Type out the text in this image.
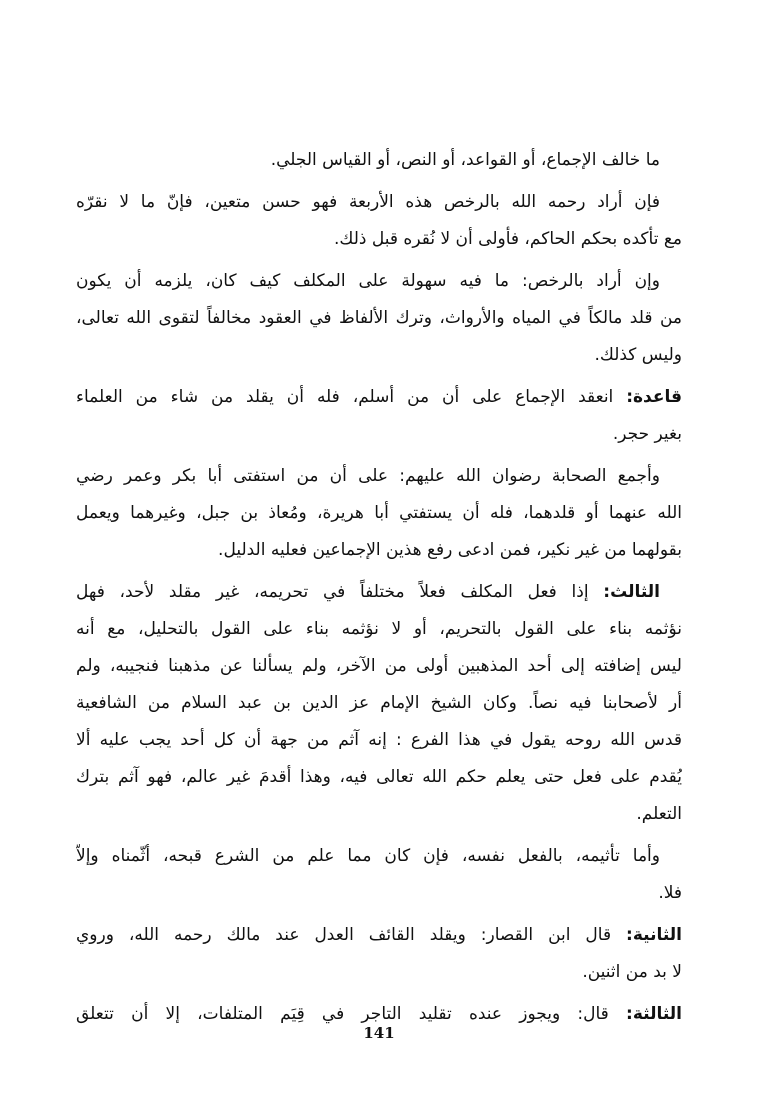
ما خالف الإجماع، أو القواعد، أو النص، أو القياس الجلي.
فإن أراد رحمه الله بالرخص هذه الأربعة فهو حسن متعين، فإنّ ما لا نقرّه
مع تأكده بحكم الحاكم، فأولى أن لا نُقره قبل ذلك.
وإن أراد بالرخص: ما فيه سهولة على المكلف كيف كان، يلزمه أن يكون
من قلد مالكاً في المياه والأرواث، وترك الألفاظ في العقود مخالفاً لتقوى الله تعالى،
وليس كذلك.
قاعدة: انعقد الإجماع على أن من أسلم، فله أن يقلد من شاء من العلماء
بغير حجر.
وأجمع الصحابة رضوان الله عليهم: على أن من استفتى أبا بكر وعمر رضي
الله عنهما أو قلدهما، فله أن يستفتي أبا هريرة، ومُعاذ بن جبل، وغيرهما ويعمل
بقولهما من غير نكير، فمن ادعى رفع هذين الإجماعين فعليه الدليل.
الثالث: إذا فعل المكلف فعلاً مختلفاً في تحريمه، غير مقلد لأحد، فهل
نؤثمه بناء على القول بالتحريم، أو لا نؤثمه بناء على القول بالتحليل، مع أنه
ليس إضافته إلى أحد المذهبين أولى من الآخر، ولم يسألنا عن مذهبنا فنجيبه، ولم
أر لأصحابنا فيه نصاً. وكان الشيخ الإمام عز الدين بن عبد السلام من الشافعية
قدس الله روحه يقول في هذا الفرع : إنه آثم من جهة أن كل أحد يجب عليه ألا
يُقدم على فعل حتى يعلم حكم الله تعالى فيه، وهذا أقدمَ غير عالم، فهو آثم بترك
التعلم.
وأما تأثيمه، بالفعل نفسه، فإن كان مما علم من الشرع قبحه، أثّمناه وإلاّ
فلا.
الثانية: قال ابن القصار: ويقلد القائف العدل عند مالك رحمه الله، وروي
لا بد من اثنين.
الثالثة: قال: ويجوز عنده تقليد التاجر في قِيَم المتلفات، إلا أن تتعلق
141
